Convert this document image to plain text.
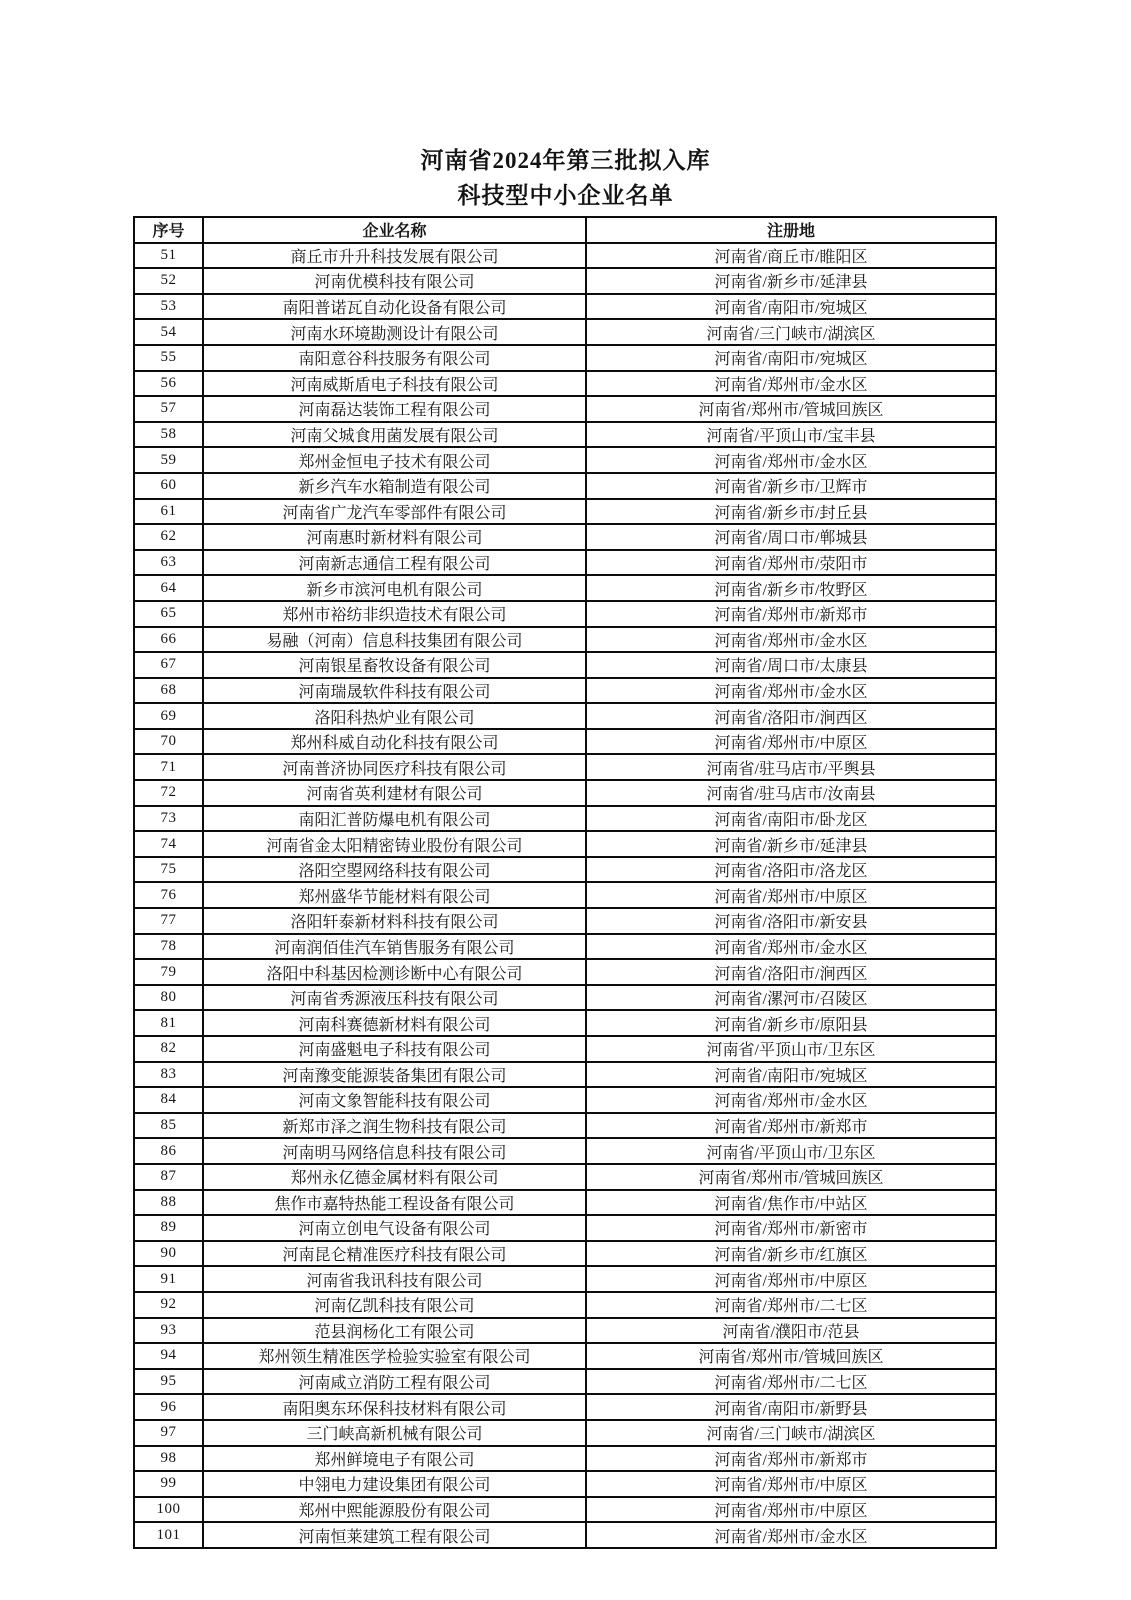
河南省2024年第三批拟入库
科技型中小企业名单
序号	企业名称	注册地
51	商丘市升升科技发展有限公司	河南省/商丘市/睢阳区
52	河南优模科技有限公司	河南省/新乡市/延津县
53	南阳普诺瓦自动化设备有限公司	河南省/南阳市/宛城区
54	河南水环境勘测设计有限公司	河南省/三门峡市/湖滨区
55	南阳意谷科技服务有限公司	河南省/南阳市/宛城区
56	河南威斯盾电子科技有限公司	河南省/郑州市/金水区
57	河南磊达装饰工程有限公司	河南省/郑州市/管城回族区
58	河南父城食用菌发展有限公司	河南省/平顶山市/宝丰县
59	郑州金恒电子技术有限公司	河南省/郑州市/金水区
60	新乡汽车水箱制造有限公司	河南省/新乡市/卫辉市
61	河南省广龙汽车零部件有限公司	河南省/新乡市/封丘县
62	河南惠时新材料有限公司	河南省/周口市/郸城县
63	河南新志通信工程有限公司	河南省/郑州市/荥阳市
64	新乡市滨河电机有限公司	河南省/新乡市/牧野区
65	郑州市裕纺非织造技术有限公司	河南省/郑州市/新郑市
66	易融（河南）信息科技集团有限公司	河南省/郑州市/金水区
67	河南银星畜牧设备有限公司	河南省/周口市/太康县
68	河南瑞晟软件科技有限公司	河南省/郑州市/金水区
69	洛阳科热炉业有限公司	河南省/洛阳市/涧西区
70	郑州科威自动化科技有限公司	河南省/郑州市/中原区
71	河南普济协同医疗科技有限公司	河南省/驻马店市/平舆县
72	河南省英利建材有限公司	河南省/驻马店市/汝南县
73	南阳汇普防爆电机有限公司	河南省/南阳市/卧龙区
74	河南省金太阳精密铸业股份有限公司	河南省/新乡市/延津县
75	洛阳空曌网络科技有限公司	河南省/洛阳市/洛龙区
76	郑州盛华节能材料有限公司	河南省/郑州市/中原区
77	洛阳轩泰新材料科技有限公司	河南省/洛阳市/新安县
78	河南润佰佳汽车销售服务有限公司	河南省/郑州市/金水区
79	洛阳中科基因检测诊断中心有限公司	河南省/洛阳市/涧西区
80	河南省秀源液压科技有限公司	河南省/漯河市/召陵区
81	河南科赛德新材料有限公司	河南省/新乡市/原阳县
82	河南盛魁电子科技有限公司	河南省/平顶山市/卫东区
83	河南豫变能源装备集团有限公司	河南省/南阳市/宛城区
84	河南文象智能科技有限公司	河南省/郑州市/金水区
85	新郑市泽之润生物科技有限公司	河南省/郑州市/新郑市
86	河南明马网络信息科技有限公司	河南省/平顶山市/卫东区
87	郑州永亿德金属材料有限公司	河南省/郑州市/管城回族区
88	焦作市嘉特热能工程设备有限公司	河南省/焦作市/中站区
89	河南立创电气设备有限公司	河南省/郑州市/新密市
90	河南昆仑精准医疗科技有限公司	河南省/新乡市/红旗区
91	河南省我讯科技有限公司	河南省/郑州市/中原区
92	河南亿凯科技有限公司	河南省/郑州市/二七区
93	范县润杨化工有限公司	河南省/濮阳市/范县
94	郑州领生精准医学检验实验室有限公司	河南省/郑州市/管城回族区
95	河南咸立消防工程有限公司	河南省/郑州市/二七区
96	南阳奥东环保科技材料有限公司	河南省/南阳市/新野县
97	三门峡高新机械有限公司	河南省/三门峡市/湖滨区
98	郑州鲜境电子有限公司	河南省/郑州市/新郑市
99	中翎电力建设集团有限公司	河南省/郑州市/中原区
100	郑州中熙能源股份有限公司	河南省/郑州市/中原区
101	河南恒莱建筑工程有限公司	河南省/郑州市/金水区
